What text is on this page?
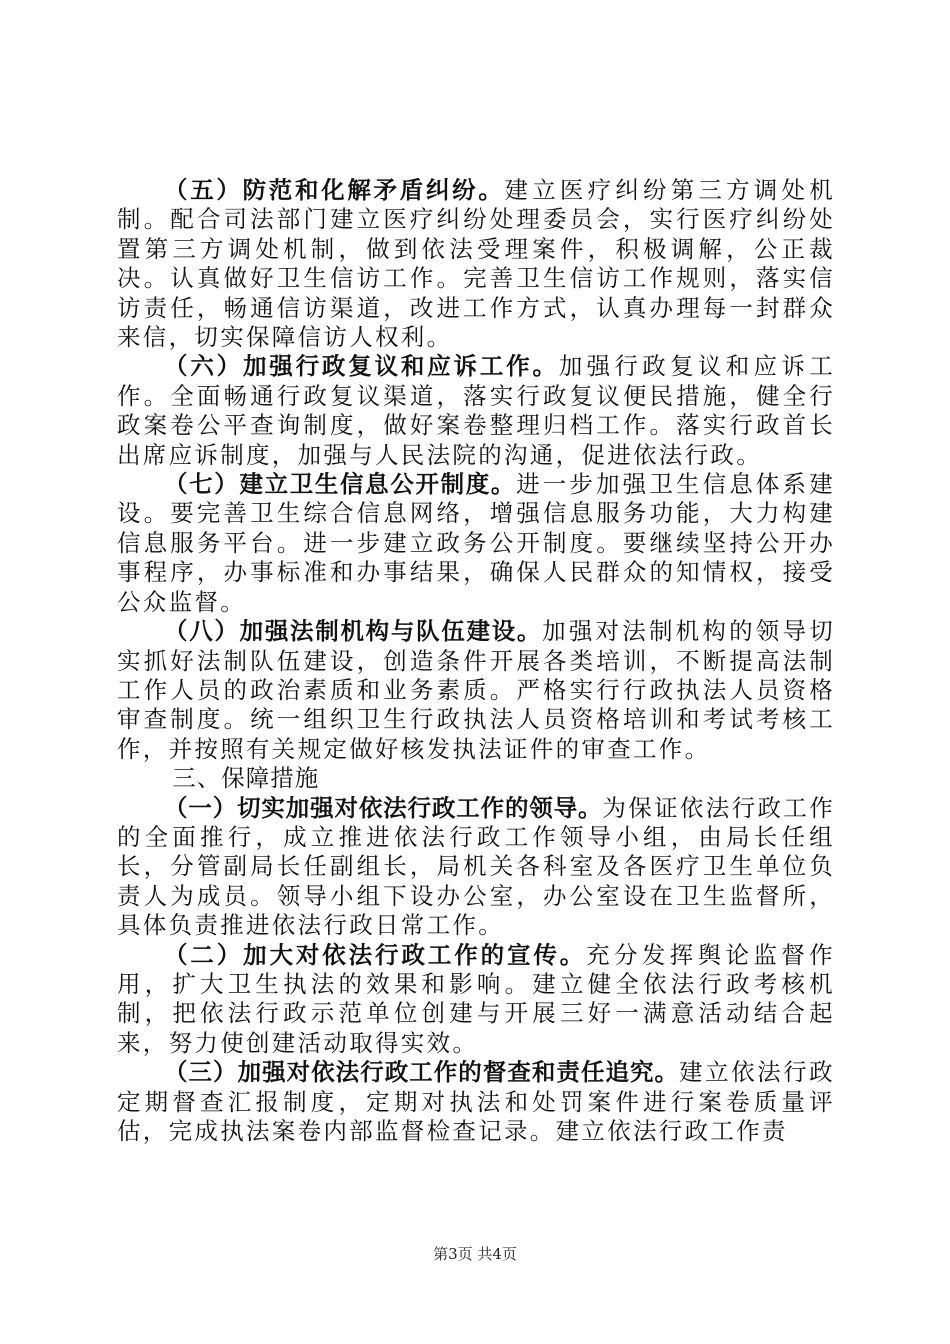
（五）防范和化解矛盾纠纷。建立医疗纠纷第三方调处机制。配合司法部门建立医疗纠纷处理委员会，实行医疗纠纷处置第三方调处机制，做到依法受理案件，积极调解，公正裁决。认真做好卫生信访工作。完善卫生信访工作规则，落实信访责任，畅通信访渠道，改进工作方式，认真办理每一封群众来信，切实保障信访人权利。

（六）加强行政复议和应诉工作。加强行政复议和应诉工作。全面畅通行政复议渠道，落实行政复议便民措施，健全行政案卷公平查询制度，做好案卷整理归档工作。落实行政首长出席应诉制度，加强与人民法院的沟通，促进依法行政。

（七）建立卫生信息公开制度。进一步加强卫生信息体系建设。要完善卫生综合信息网络，增强信息服务功能，大力构建信息服务平台。进一步建立政务公开制度。要继续坚持公开办事程序，办事标准和办事结果，确保人民群众的知情权，接受公众监督。

（八）加强法制机构与队伍建设。加强对法制机构的领导切实抓好法制队伍建设，创造条件开展各类培训，不断提高法制工作人员的政治素质和业务素质。严格实行行政执法人员资格审查制度。统一组织卫生行政执法人员资格培训和考试考核工作，并按照有关规定做好核发执法证件的审查工作。

三、保障措施

（一）切实加强对依法行政工作的领导。为保证依法行政工作的全面推行，成立推进依法行政工作领导小组，由局长任组长，分管副局长任副组长，局机关各科室及各医疗卫生单位负责人为成员。领导小组下设办公室，办公室设在卫生监督所，具体负责推进依法行政日常工作。

（二）加大对依法行政工作的宣传。充分发挥舆论监督作用，扩大卫生执法的效果和影响。建立健全依法行政考核机制，把依法行政示范单位创建与开展三好一满意活动结合起来，努力使创建活动取得实效。

（三）加强对依法行政工作的督查和责任追究。建立依法行政定期督查汇报制度，定期对执法和处罚案件进行案卷质量评估，完成执法案卷内部监督检查记录。建立依法行政工作责

第3页 共4页
